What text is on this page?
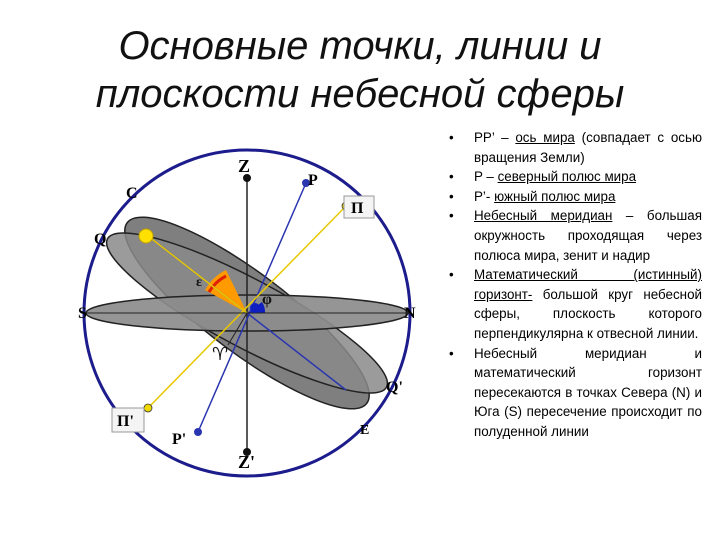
Основные точки, линии и
плоскости небесной сферы
Z
P
П
C
Q
S	N
Q'
E
П'
P'
Z'
ε
φ
♈
• PP’ – ось мира (совпадает с осью вращения Земли)
• P – северный полюс мира
• P’- южный полюс мира
• Небесный меридиан – большая окружность проходящая через полюса мира, зенит и надир
• Математический (истинный) горизонт- большой круг небесной сферы, плоскость которого перпендикулярна к отвесной линии.
• Небесный меридиан и математический горизонт пересекаются в точках Севера (N) и Юга (S) пересечение происходит по полуденной линии
